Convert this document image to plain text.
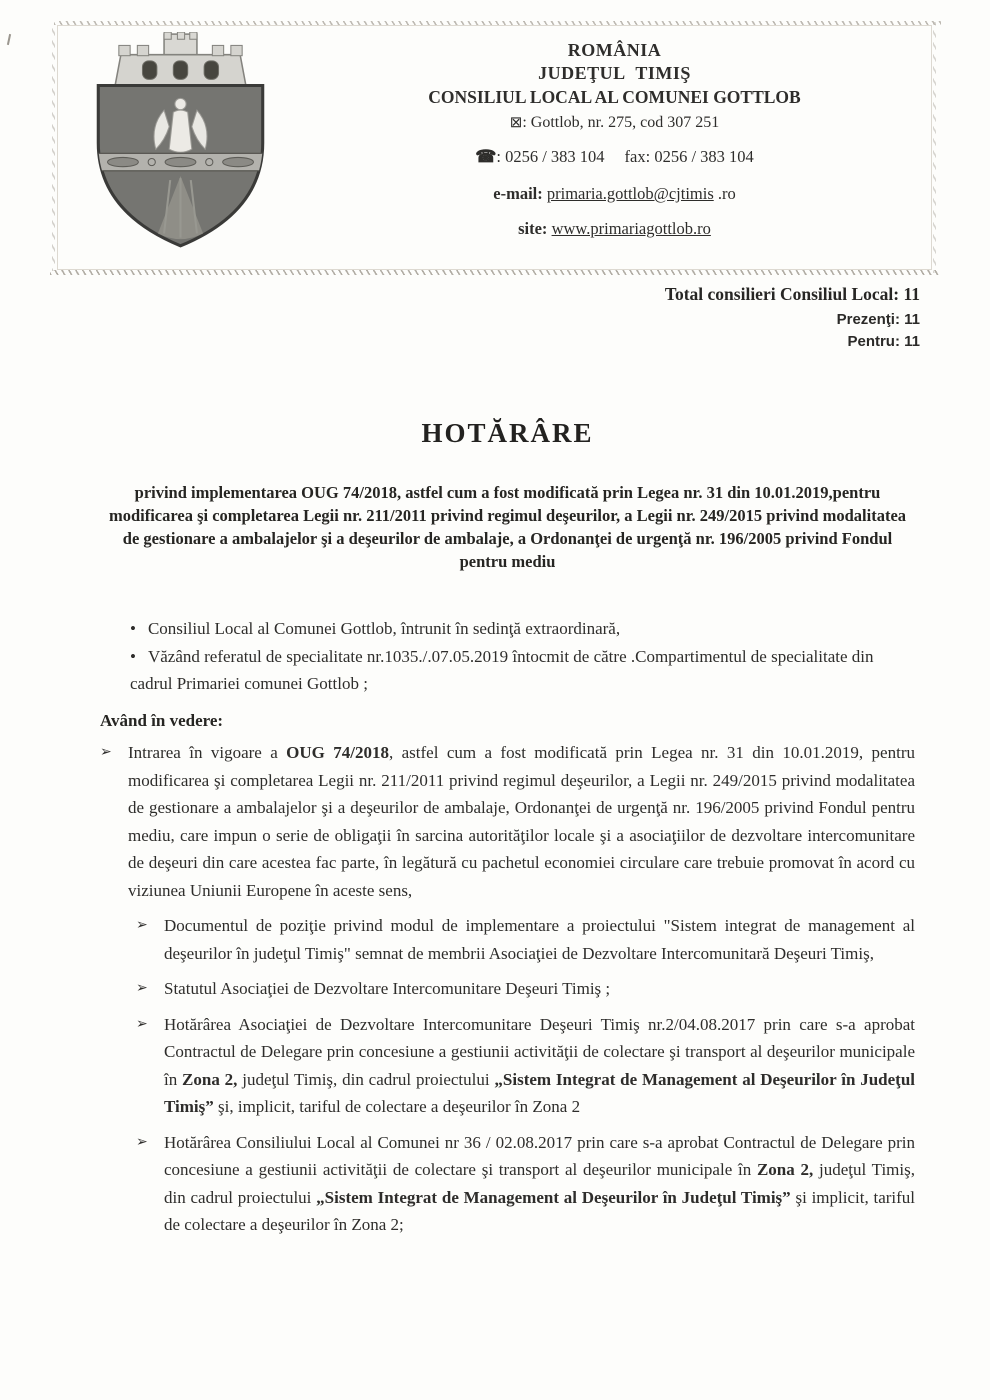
ROMÂNIA
JUDEŢUL  TIMIŞ
CONSILIUL LOCAL AL COMUNEI GOTTLOB
⊠: Gottlob, nr. 275, cod 307 251
☎: 0256 / 383 104 fax: 0256 / 383 104
e-mail: primaria.gottlob@cjtimis .ro
site: www.primariagottlob.ro
Total consilieri Consiliul Local: 11
Prezenţi: 11
Pentru: 11
HOTĂRÂRE

privind implementarea OUG 74/2018, astfel cum a fost modificată prin Legea nr. 31 din 10.01.2019,pentru modificarea şi completarea Legii nr. 211/2011 privind regimul deşeurilor, a Legii nr. 249/2015 privind modalitatea de gestionare a ambalajelor şi a deşeurilor de ambalaje, a Ordonanţei de urgenţă nr. 196/2005 privind Fondul pentru mediu

• Consiliul Local al Comunei Gottlob, întrunit în sedinţă extraordinară,

• Văzând referatul de specialitate nr.1035./.07.05.2019 întocmit de către .Compartimentul de specialitate din cadrul Primariei comunei Gottlob ;

Având în vedere:

➢ Intrarea în vigoare a OUG 74/2018, astfel cum a fost modificată prin Legea nr. 31 din 10.01.2019, pentru modificarea şi completarea Legii nr. 211/2011 privind regimul deşeurilor, a Legii nr. 249/2015 privind modalitatea de gestionare a ambalajelor şi a deşeurilor de ambalaje, Ordonanţei de urgenţă nr. 196/2005 privind Fondul pentru mediu, care impun o serie de obligaţii în sarcina autorităţilor locale şi a asociaţiilor de dezvoltare intercomunitare de deşeuri din care acestea fac parte, în legătură cu pachetul economiei circulare care trebuie promovat în acord cu viziunea Uniunii Europene în aceste sens,
➢ Documentul de poziţie privind modul de implementare a proiectului "Sistem integrat de management al deşeurilor în judeţul Timiş" semnat de membrii Asociaţiei de Dezvoltare Intercomunitară Deşeuri Timiş,
➢ Statutul Asociaţiei de Dezvoltare Intercomunitare Deşeuri Timiş ;
➢ Hotărârea Asociaţiei de Dezvoltare Intercomunitare Deşeuri Timiş nr.2/04.08.2017 prin care s-a aprobat Contractul de Delegare prin concesiune a gestiunii activităţii de colectare şi transport al deşeurilor municipale în Zona 2, judeţul Timiş, din cadrul proiectului „Sistem Integrat de Management al Deşeurilor în Judeţul Timiş” şi, implicit, tariful de colectare a deşeurilor în Zona 2
➢ Hotărârea Consiliului Local al Comunei nr 36 / 02.08.2017 prin care s-a aprobat Contractul de Delegare prin concesiune a gestiunii activităţii de colectare şi transport al deşeurilor municipale în Zona 2, judeţul Timiş, din cadrul proiectului „Sistem Integrat de Management al Deşeurilor în Judeţul Timiş” şi implicit, tariful de colectare a deşeurilor în Zona 2;
